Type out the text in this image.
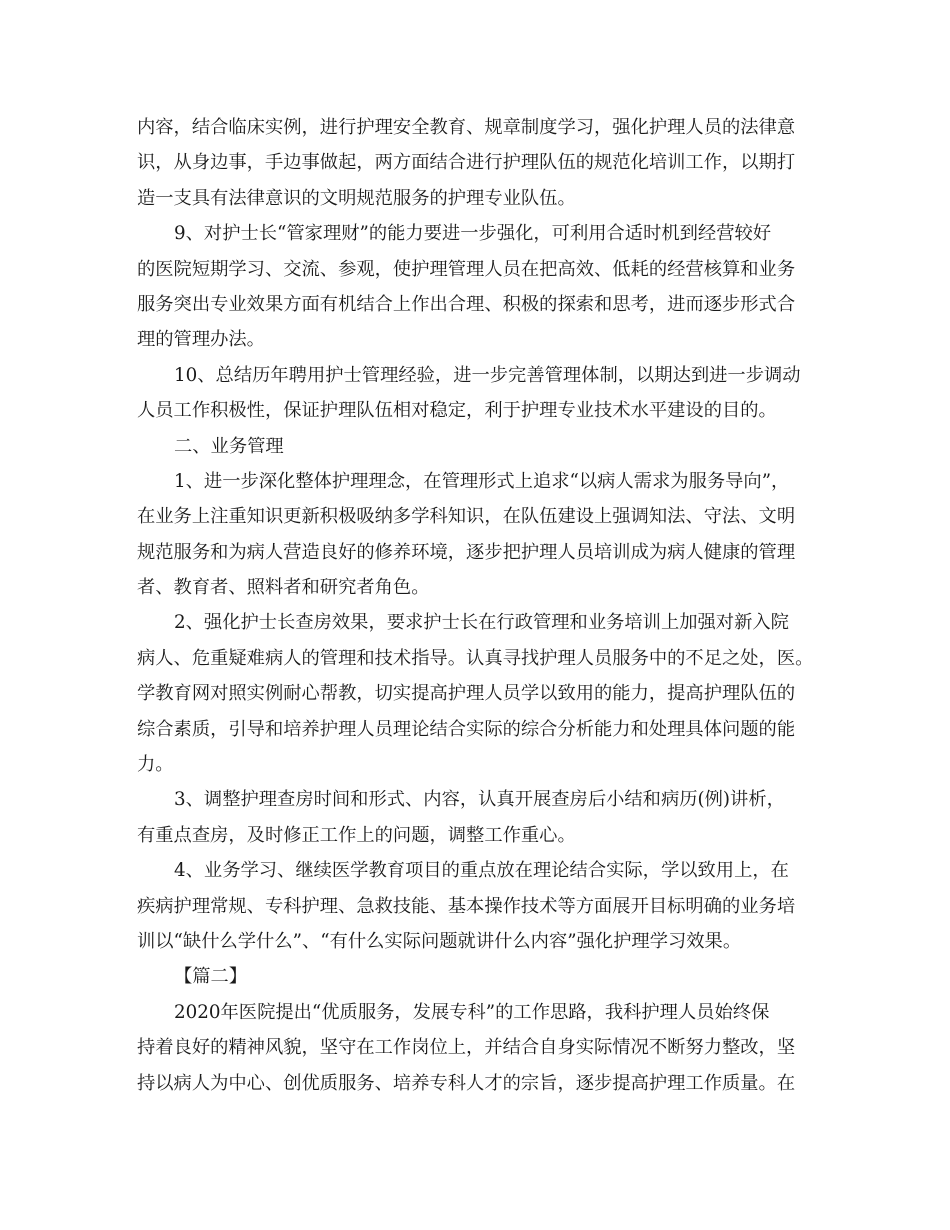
内容，结合临床实例，进行护理安全教育、规章制度学习，强化护理人员的法律意
识，从身边事，手边事做起，两方面结合进行护理队伍的规范化培训工作，以期打
造一支具有法律意识的文明规范服务的护理专业队伍。
9、对护士长“管家理财”的能力要进一步强化，可利用合适时机到经营较好
的医院短期学习、交流、参观，使护理管理人员在把高效、低耗的经营核算和业务
服务突出专业效果方面有机结合上作出合理、积极的探索和思考，进而逐步形式合
理的管理办法。
10、总结历年聘用护士管理经验，进一步完善管理体制，以期达到进一步调动
人员工作积极性，保证护理队伍相对稳定，利于护理专业技术水平建设的目的。
二、业务管理
1、进一步深化整体护理理念，在管理形式上追求“以病人需求为服务导向”，
在业务上注重知识更新积极吸纳多学科知识，在队伍建设上强调知法、守法、文明
规范服务和为病人营造良好的修养环境，逐步把护理人员培训成为病人健康的管理
者、教育者、照料者和研究者角色。
2、强化护士长查房效果，要求护士长在行政管理和业务培训上加强对新入院
病人、危重疑难病人的管理和技术指导。认真寻找护理人员服务中的不足之处，医。
学教育网对照实例耐心帮教，切实提高护理人员学以致用的能力，提高护理队伍的
综合素质，引导和培养护理人员理论结合实际的综合分析能力和处理具体问题的能
力。
3、调整护理查房时间和形式、内容，认真开展查房后小结和病历(例)讲析，
有重点查房，及时修正工作上的问题，调整工作重心。
4、业务学习、继续医学教育项目的重点放在理论结合实际，学以致用上，在
疾病护理常规、专科护理、急救技能、基本操作技术等方面展开目标明确的业务培
训以“缺什么学什么”、“有什么实际问题就讲什么内容”强化护理学习效果。
【篇二】
2020年医院提出“优质服务，发展专科”的工作思路，我科护理人员始终保
持着良好的精神风貌，坚守在工作岗位上，并结合自身实际情况不断努力整改，坚
持以病人为中心、创优质服务、培养专科人才的宗旨，逐步提高护理工作质量。在
